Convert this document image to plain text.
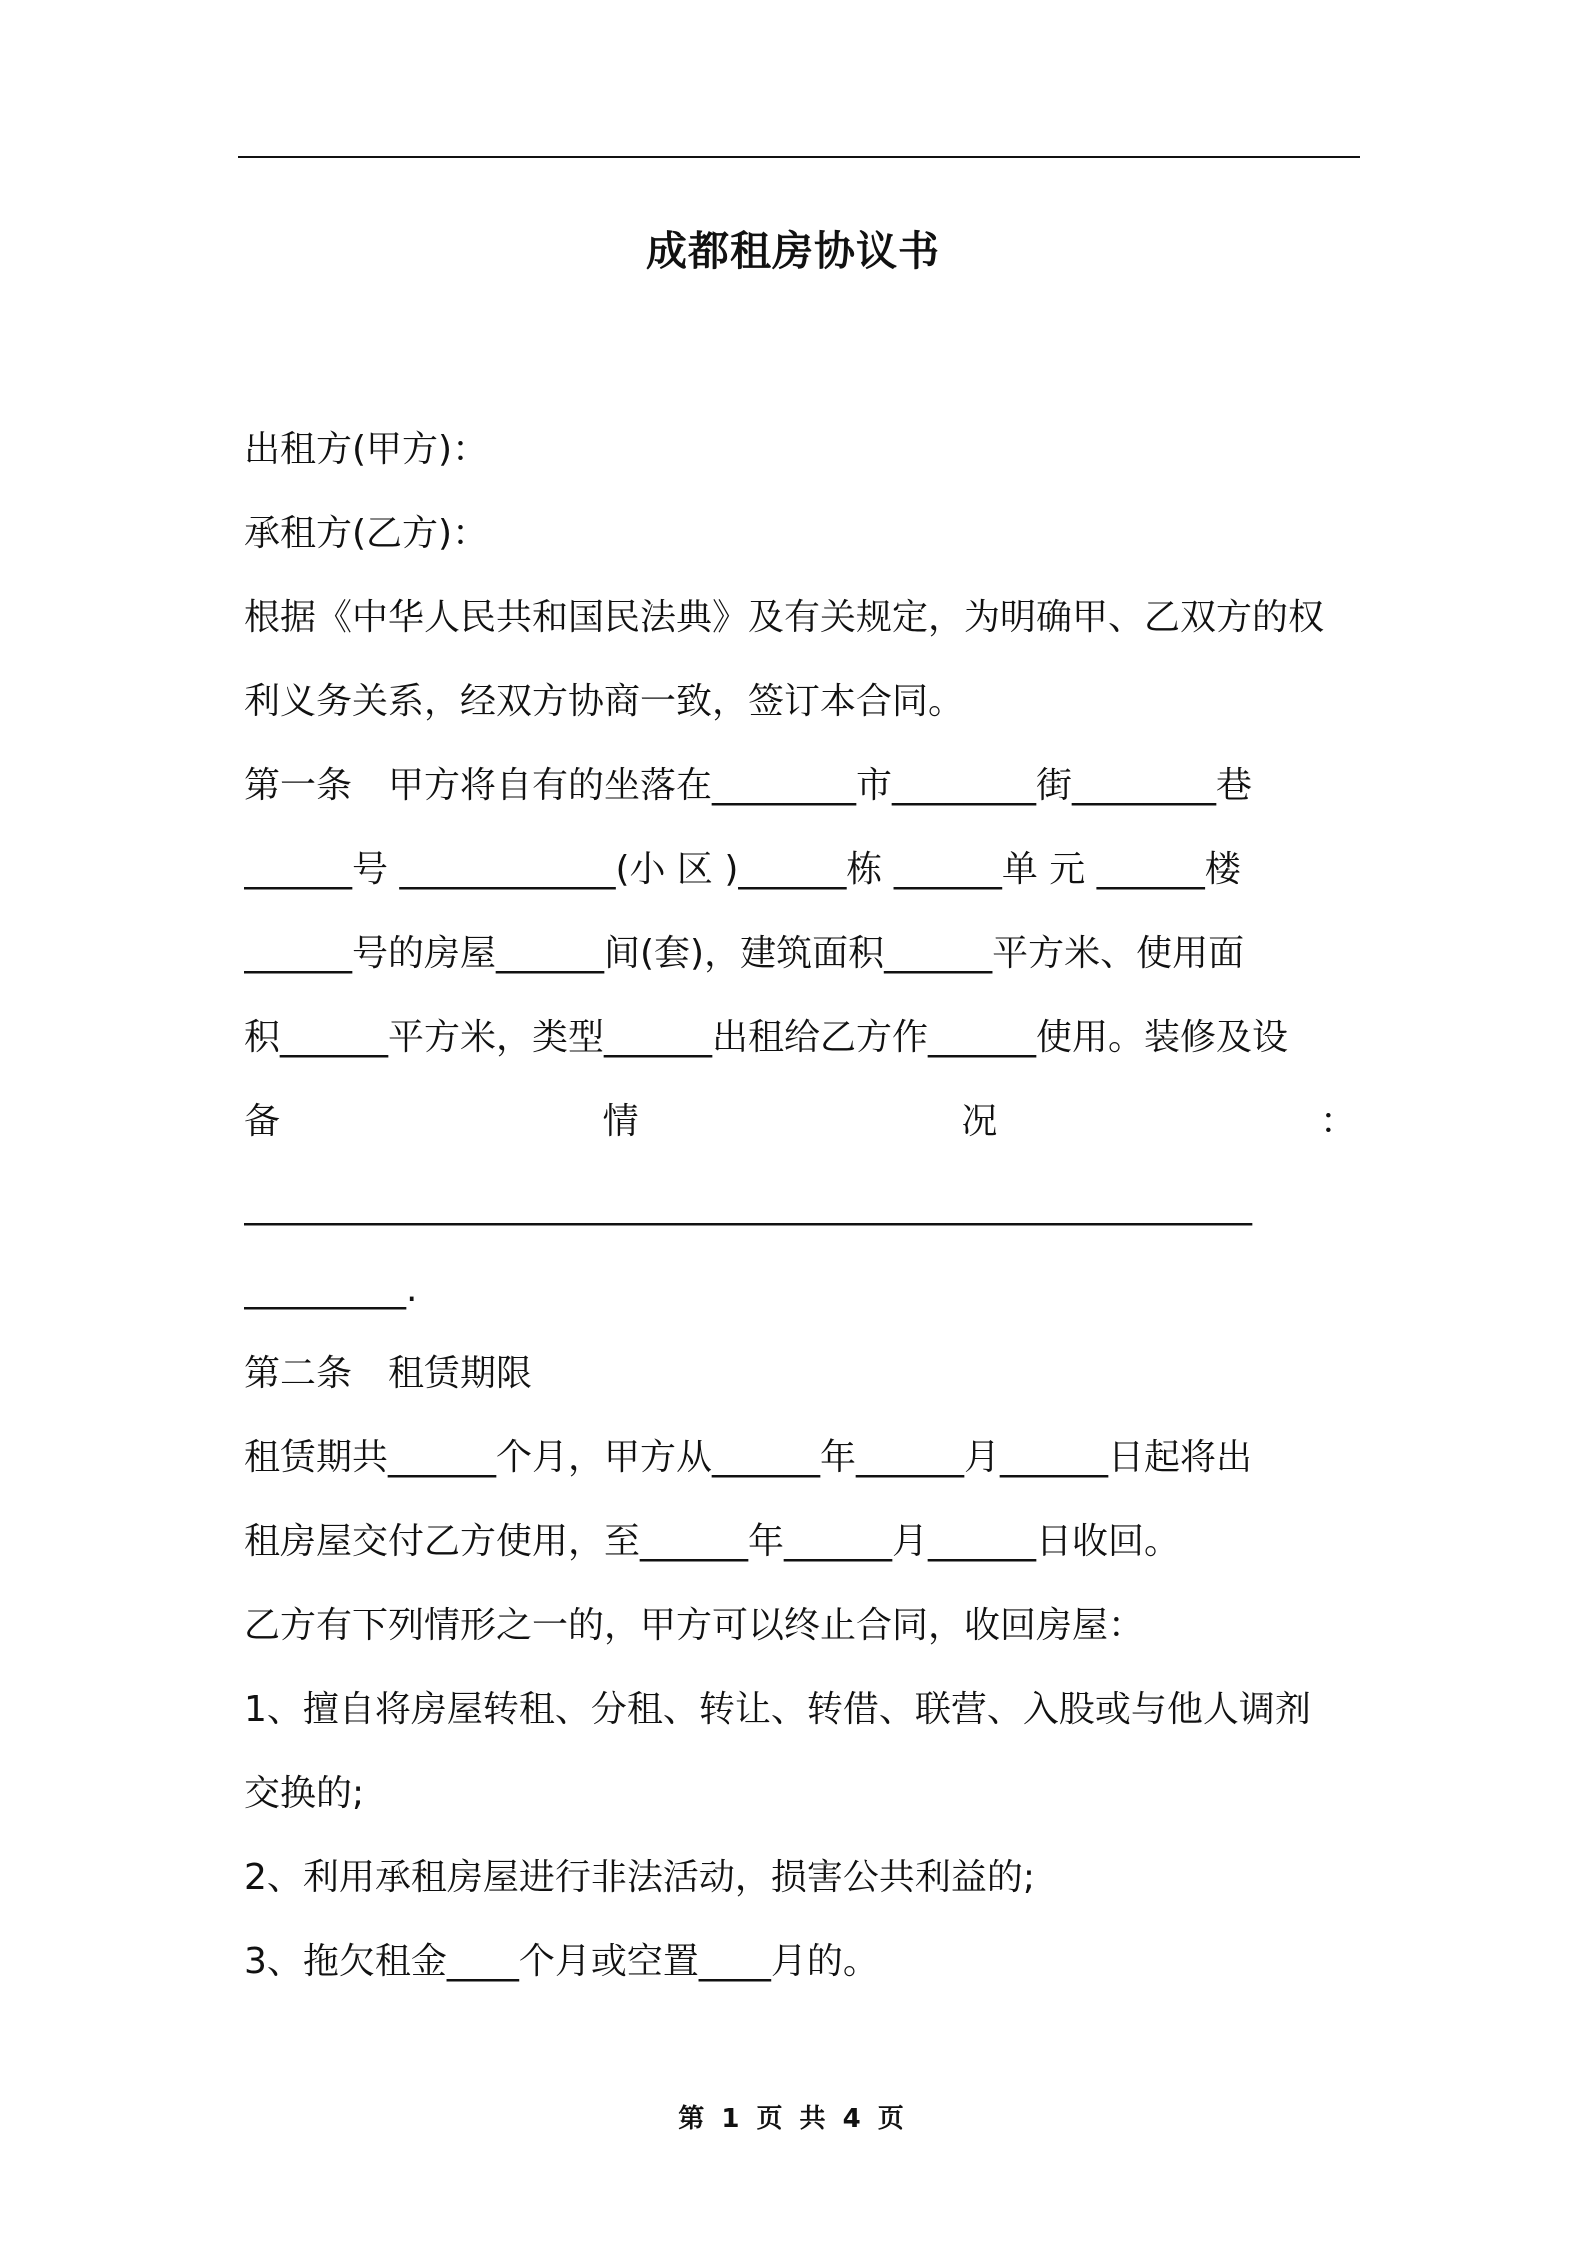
成都租房协议书

出租方(甲方)：

承租方(乙方)：

根据《中华人民共和国民法典》及有关规定，为明确甲、乙双方的权

利义务关系，经双方协商一致，签订本合同。

第一条　甲方将自有的坐落在________市________街________巷

______号 ____________(小 区 )______栋 ______单 元 ______楼

______号的房屋______间(套)，建筑面积______平方米、使用面

积______平方米，类型______出租给乙方作______使用。装修及设

备	情	况	：

________________________________________________________

_________.

第二条　租赁期限

租赁期共______个月，甲方从______年______月______日起将出

租房屋交付乙方使用，至______年______月______日收回。

乙方有下列情形之一的，甲方可以终止合同，收回房屋：

1、擅自将房屋转租、分租、转让、转借、联营、入股或与他人调剂

交换的;

2、利用承租房屋进行非法活动，损害公共利益的;

3、拖欠租金____个月或空置____月的。

第 1 页 共 4 页
